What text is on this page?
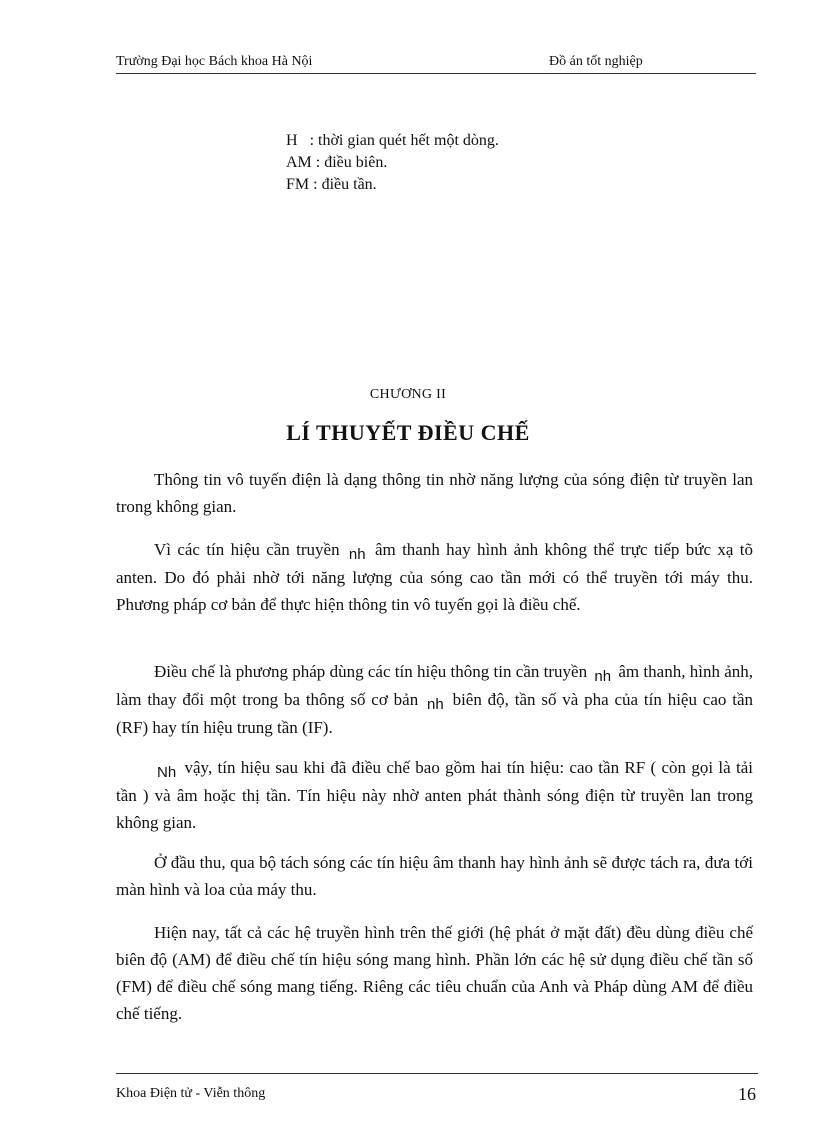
Trường Đại học Bách khoa Hà Nội	Đồ án tốt nghiệp
H   : thời gian quét hết một dòng.
AM : điều biên.
FM : điều tần.
CHƯƠNG II
LÍ THUYẾT ĐIỀU CHẾ

Thông tin vô tuyến điện là dạng thông tin nhờ năng lượng của sóng điện từ truyền lan trong không gian.

Vì các tín hiệu cần truyền nh âm thanh hay hình ảnh không thể trực tiếp bức xạ tõ anten. Do đó phải nhờ tới năng lượng của sóng cao tần mới có thể truyền tới máy thu. Phương pháp cơ bản để thực hiện thông tin vô tuyến gọi là điều chế.

Điều chế là phương pháp dùng các tín hiệu thông tin cần truyền nh âm thanh, hình ảnh, làm thay đổi một trong ba thông số cơ bản nh biên độ, tần số và pha của tín hiệu cao tần (RF) hay tín hiệu trung tần (IF).

Nh vậy, tín hiệu sau khi đã điều chế bao gồm hai tín hiệu: cao tần RF ( còn gọi là tải tần ) và âm hoặc thị tần. Tín hiệu này nhờ anten phát thành sóng điện từ truyền lan trong không gian.

Ở đầu thu, qua bộ tách sóng các tín hiệu âm thanh hay hình ảnh sẽ được tách ra, đưa tới màn hình và loa của máy thu.

Hiện nay, tất cả các hệ truyền hình trên thế giới (hệ phát ở mặt đất) đều dùng điều chế biên độ (AM) để điều chế tín hiệu sóng mang hình. Phần lớn các hệ sử dụng điều chế tần số (FM) để điều chế sóng mang tiếng. Riêng các tiêu chuẩn của Anh và Pháp dùng AM để điều chế tiếng.

Khoa Điện tử - Viễn thông	16
